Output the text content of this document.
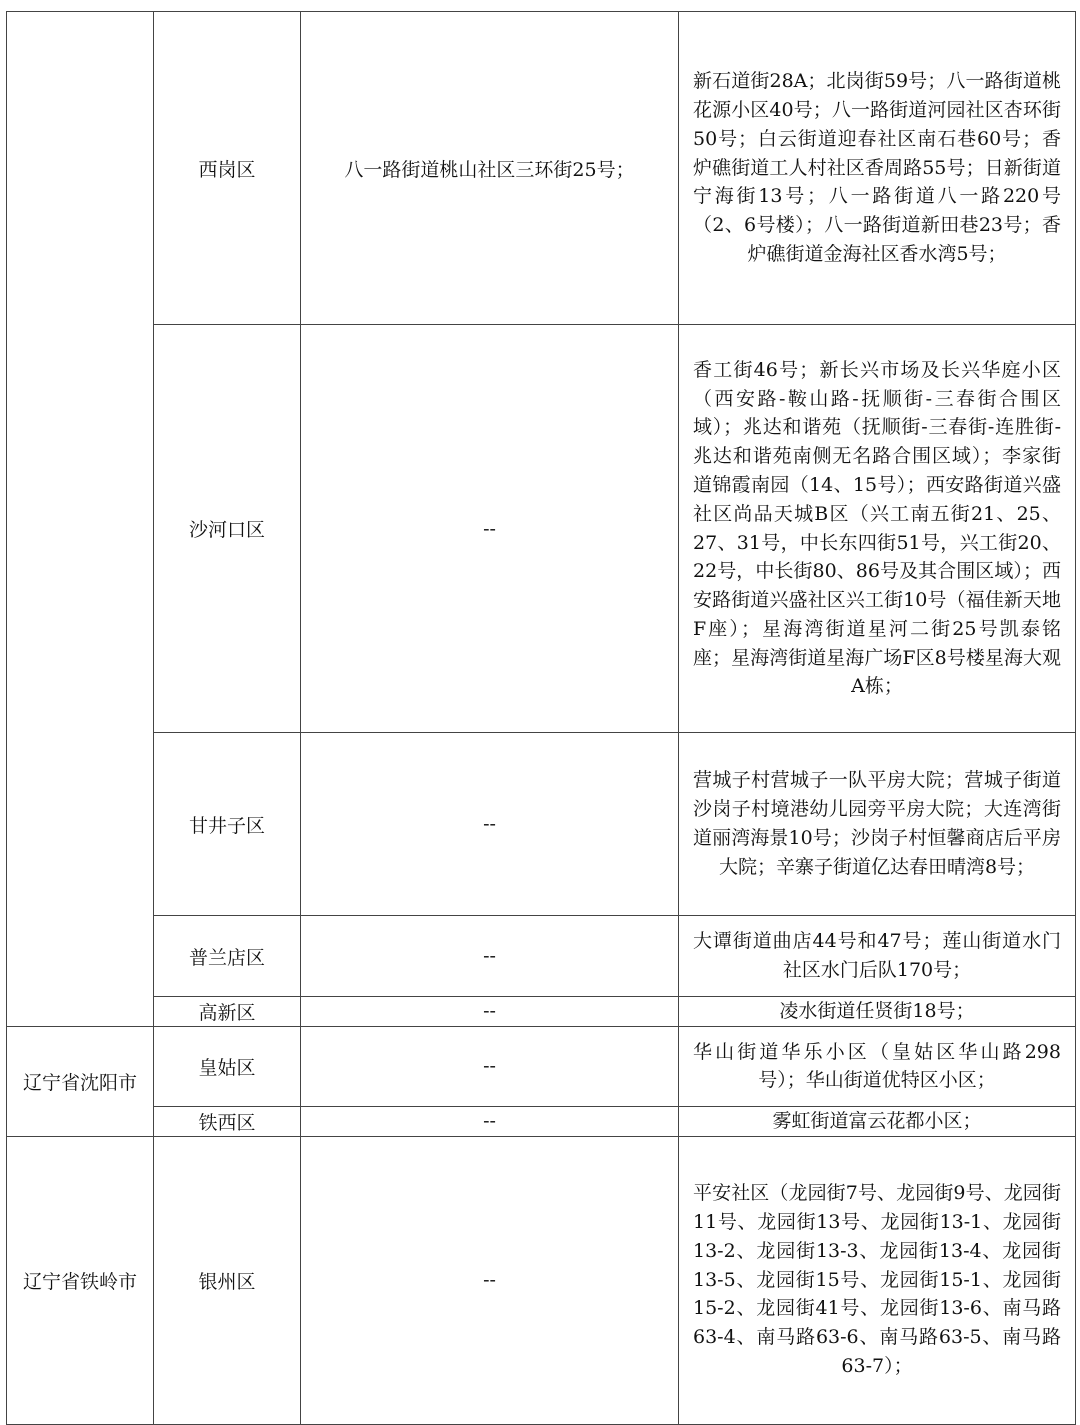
	西岗区	八一路街道桃山社区三环街25号；	新石道街28A；北岗街59号；八一路街道桃花源小区40号；八一路街道河园社区杏环街50号；白云街道迎春社区南石巷60号；香炉礁街道工人村社区香周路55号；日新街道宁海街13号；八一路街道八一路220号（2、6号楼）；八一路街道新田巷23号；香炉礁街道金海社区香水湾5号；

	沙河口区	--	香工街46号；新长兴市场及长兴华庭小区（西安路-鞍山路-抚顺街-三春街合围区域）；兆达和谐苑（抚顺街-三春街-连胜街-兆达和谐苑南侧无名路合围区域）；李家街道锦霞南园（14、15号）；西安路街道兴盛社区尚品天城B区（兴工南五街21、25、27、31号，中长东四街51号，兴工街20、22号，中长街80、86号及其合围区域）；西安路街道兴盛社区兴工街10号（福佳新天地F座）；星海湾街道星河二街25号凯泰铭座；星海湾街道星海广场F区8号楼星海大观A栋；

	甘井子区	--	营城子村营城子一队平房大院；营城子街道沙岗子村境港幼儿园旁平房大院；大连湾街道丽湾海景10号；沙岗子村恒馨商店后平房大院；辛寨子街道亿达春田晴湾8号；

	普兰店区	--	大谭街道曲店44号和47号；莲山街道水门社区水门后队170号；

	高新区	--	凌水街道任贤街18号；

辽宁省沈阳市	皇姑区	--	华山街道华乐小区（皇姑区华山路298号）；华山街道优特区小区；

	铁西区	--	雾虹街道富云花都小区；

辽宁省铁岭市	银州区	--	平安社区（龙园街7号、龙园街9号、龙园街11号、龙园街13号、龙园街13-1、龙园街13-2、龙园街13-3、龙园街13-4、龙园街13-5、龙园街15号、龙园街15-1、龙园街15-2、龙园街41号、龙园街13-6、南马路63-4、南马路63-6、南马路63-5、南马路63-7）；
